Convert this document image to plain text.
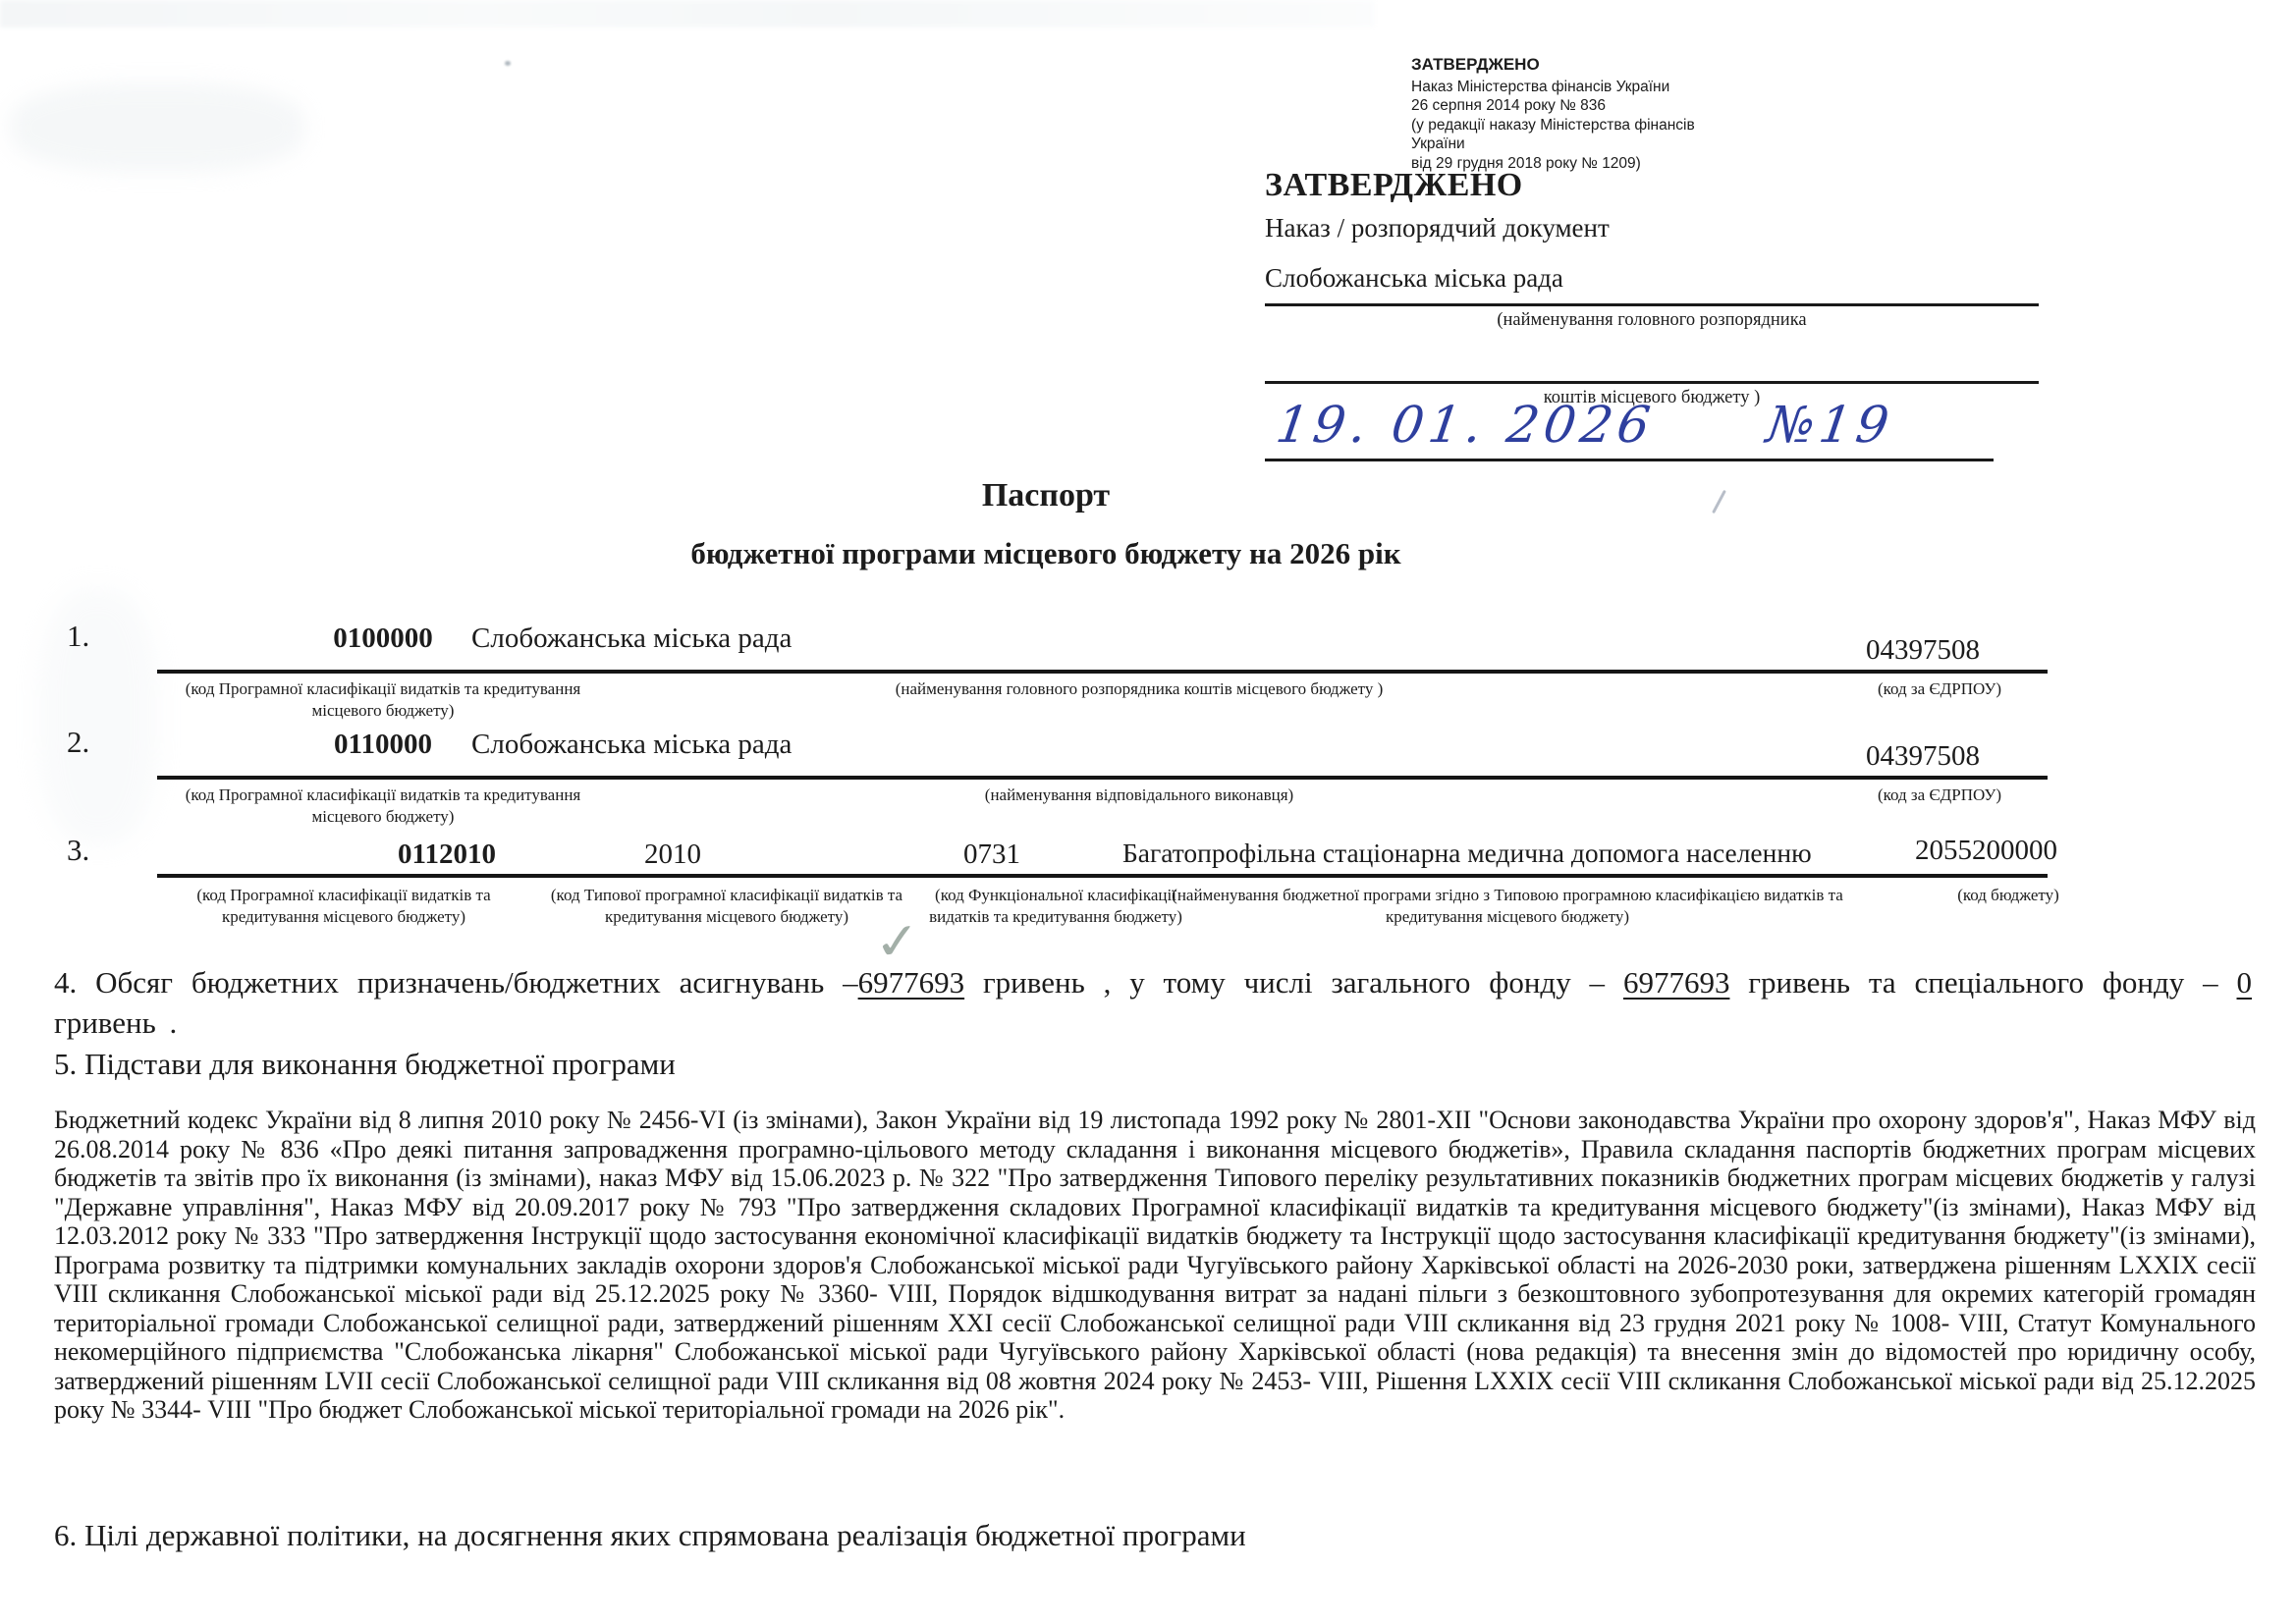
ЗАТВЕРДЖЕНО
Наказ Міністерства фінансів України
26 серпня 2014 року № 836
(у редакції наказу Міністерства фінансів України
від 29 грудня 2018 року № 1209)
ЗАТВЕРДЖЕНО
Наказ / розпорядчий документ
Слобожанська міська рада
(найменування головного розпорядника
коштів місцевого бюджету )
19. 01. 2026 №19
Паспорт
бюджетної програми місцевого бюджету на 2026 рік
1.	0100000	Слобожанська міська рада	04397508
(код Програмної класифікації видатків та кредитування місцевого бюджету)
(найменування головного розпорядника коштів місцевого бюджету )	(код за ЄДРПОУ)
2.	0110000	Слобожанська міська рада	04397508
(код Програмної класифікації видатків та кредитування місцевого бюджету)
(найменування відповідального виконавця)	(код за ЄДРПОУ)
3.	0112010	2010	0731	Багатопрофільна стаціонарна медична допомога населенню	2055200000
(код Програмної класифікації видатків та кредитування місцевого бюджету)
(код Типової програмної класифікації видатків та кредитування місцевого бюджету)
(код Функціональної класифікації видатків та кредитування бюджету)
(найменування бюджетної програми згідно з Типовою програмною класифікацією видатків та кредитування місцевого бюджету)
(код бюджету)
✓
4. Обсяг бюджетних призначень/бюджетних асигнувань –6977693 гривень , у тому числі загального фонду – 6977693 гривень та спеціального фонду – 0 гривень .
5. Підстави для виконання бюджетної програми
Бюджетний кодекс України від 8 липня 2010 року № 2456-VI (із змінами), Закон України від 19 листопада 1992 року № 2801-ХІІ "Основи законодавства України про охорону здоров'я", Наказ МФУ від 26.08.2014 року № 836 «Про деякі питання запровадження програмно-цільового методу складання і виконання місцевого бюджетів», Правила складання паспортів бюджетних програм місцевих бюджетів та звітів про їх виконання (із змінами), наказ МФУ від 15.06.2023 р. № 322 "Про затвердження Типового переліку результативних показників бюджетних програм місцевих бюджетів у галузі "Державне управління", Наказ МФУ від 20.09.2017 року № 793 "Про затвердження складових Програмної класифікації видатків та кредитування місцевого бюджету"(із змінами), Наказ МФУ від 12.03.2012 року № 333 "Про затвердження Інструкції щодо застосування економічної класифікації видатків бюджету та Інструкції щодо застосування класифікації кредитування бюджету"(із змінами), Програма розвитку та підтримки комунальних закладів охорони здоров'я Слобожанської міської ради Чугуївського району Харківської області на 2026-2030 роки, затверджена рішенням LXXIX сесії VIII скликання Слобожанської міської ради від 25.12.2025 року № 3360- VIII, Порядок відшкодування витрат за надані пільги з безкоштовного зубопротезування для окремих категорій громадян територіальної громади Слобожанської селищної ради, затверджений рішенням XXI сесії Слобожанської селищної ради VIII скликання від 23 грудня 2021 року № 1008- VIII, Статут Комунального некомерційного підприємства "Слобожанська лікарня" Слобожанської міської ради Чугуївського району Харківської області (нова редакція) та внесення змін до відомостей про юридичну особу, затверджений рішенням LVII сесії Слобожанської селищної ради VIII скликання від 08 жовтня 2024 року № 2453- VIII, Рішення LXXIX сесії VIII скликання Слобожанської міської ради від 25.12.2025 року № 3344- VIII "Про бюджет Слобожанської міської територіальної громади на 2026 рік".
6. Цілі державної політики, на досягнення яких спрямована реалізація бюджетної програми
